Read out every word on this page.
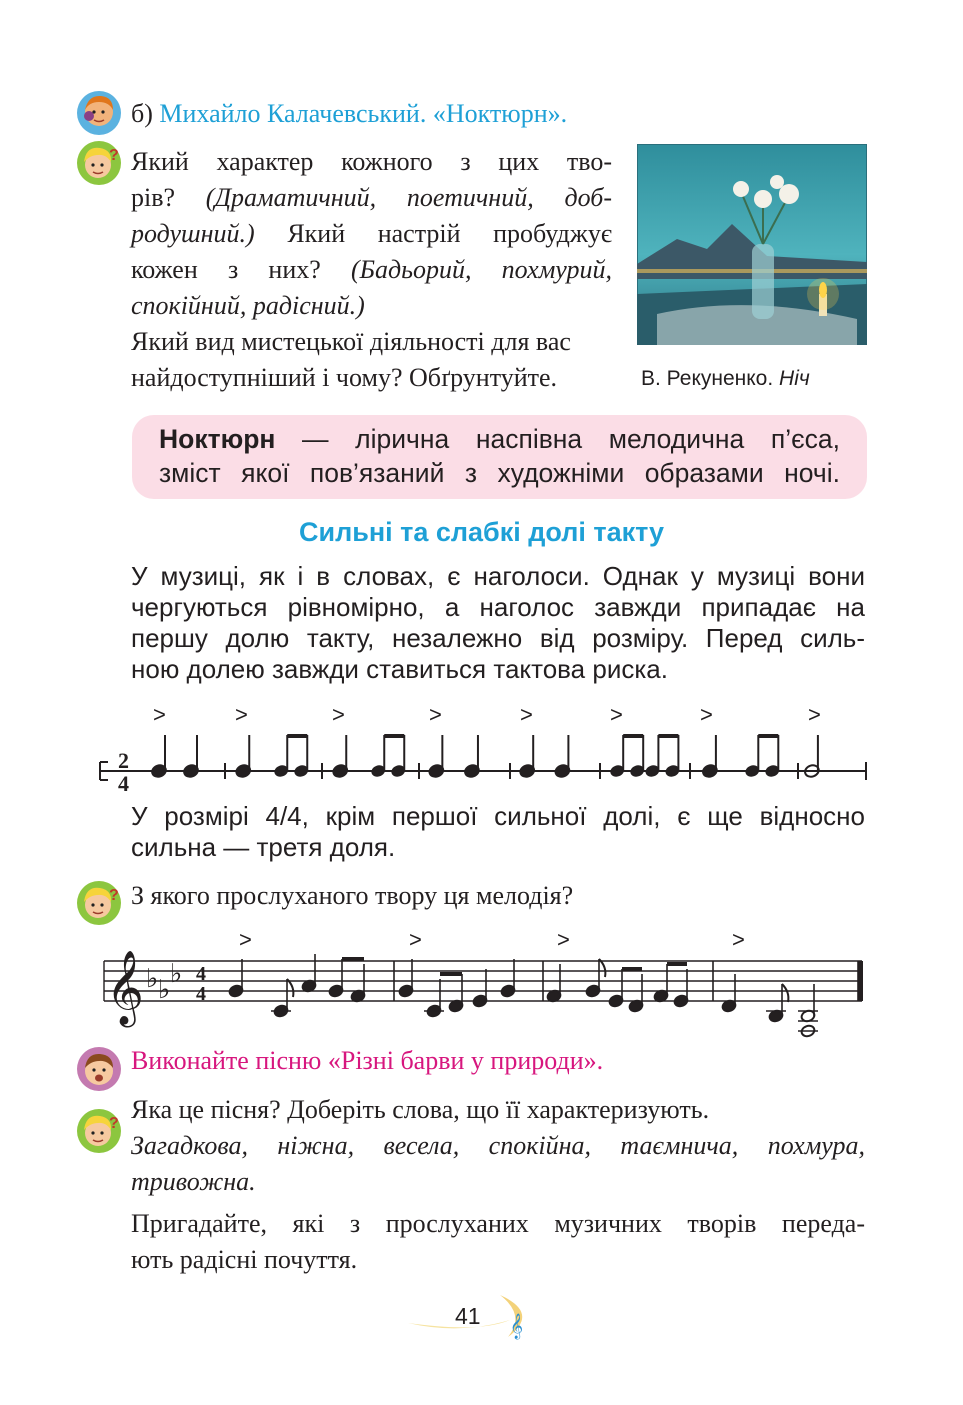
б) Михайло Калачевський. «Ноктюрн».
? Який характер кожного з цих тво-
рів? (Драматичний, поетичний, доб-
родушний.) Який настрій пробуджує
кожен з них? (Бадьорий, похмурий,
спокійний, радісний.)
Який вид мистецької діяльності для вас
найдоступніший і чому? Обґрунтуйте.	В. Рекуненко. Ніч
Ноктюрн — лірична наспівна мелодична п’єса,
зміст якої пов’язаний з художніми образами ночі.
Сильні та слабкі долі такту
У музиці, як і в словах, є наголоси. Однак у музиці вони
чергуються рівномірно, а наголос завжди припадає на
першу долю такту, незалежно від розміру. Перед силь-
ною долею завжди ставиться тактова риска.
2
4
>	>	>	>	>	>	>	>
У розмірі 4/4, крім першої сильної долі, є ще відносно
сильна — третя доля.
? З якого прослуханого твору ця мелодія?
𝄞 ♭ ♭
♭ 4
4
>	>	>	>
Виконайте пісню «Різні барви у природи».
? Яка це пісня? Доберіть слова, що її характеризують.
Загадкова, ніжна, весела, спокійна, таємнича, похмура,
тривожна.
Пригадайте, які з прослуханих музичних творів переда-
ють радісні почуття.
𝄞
41
